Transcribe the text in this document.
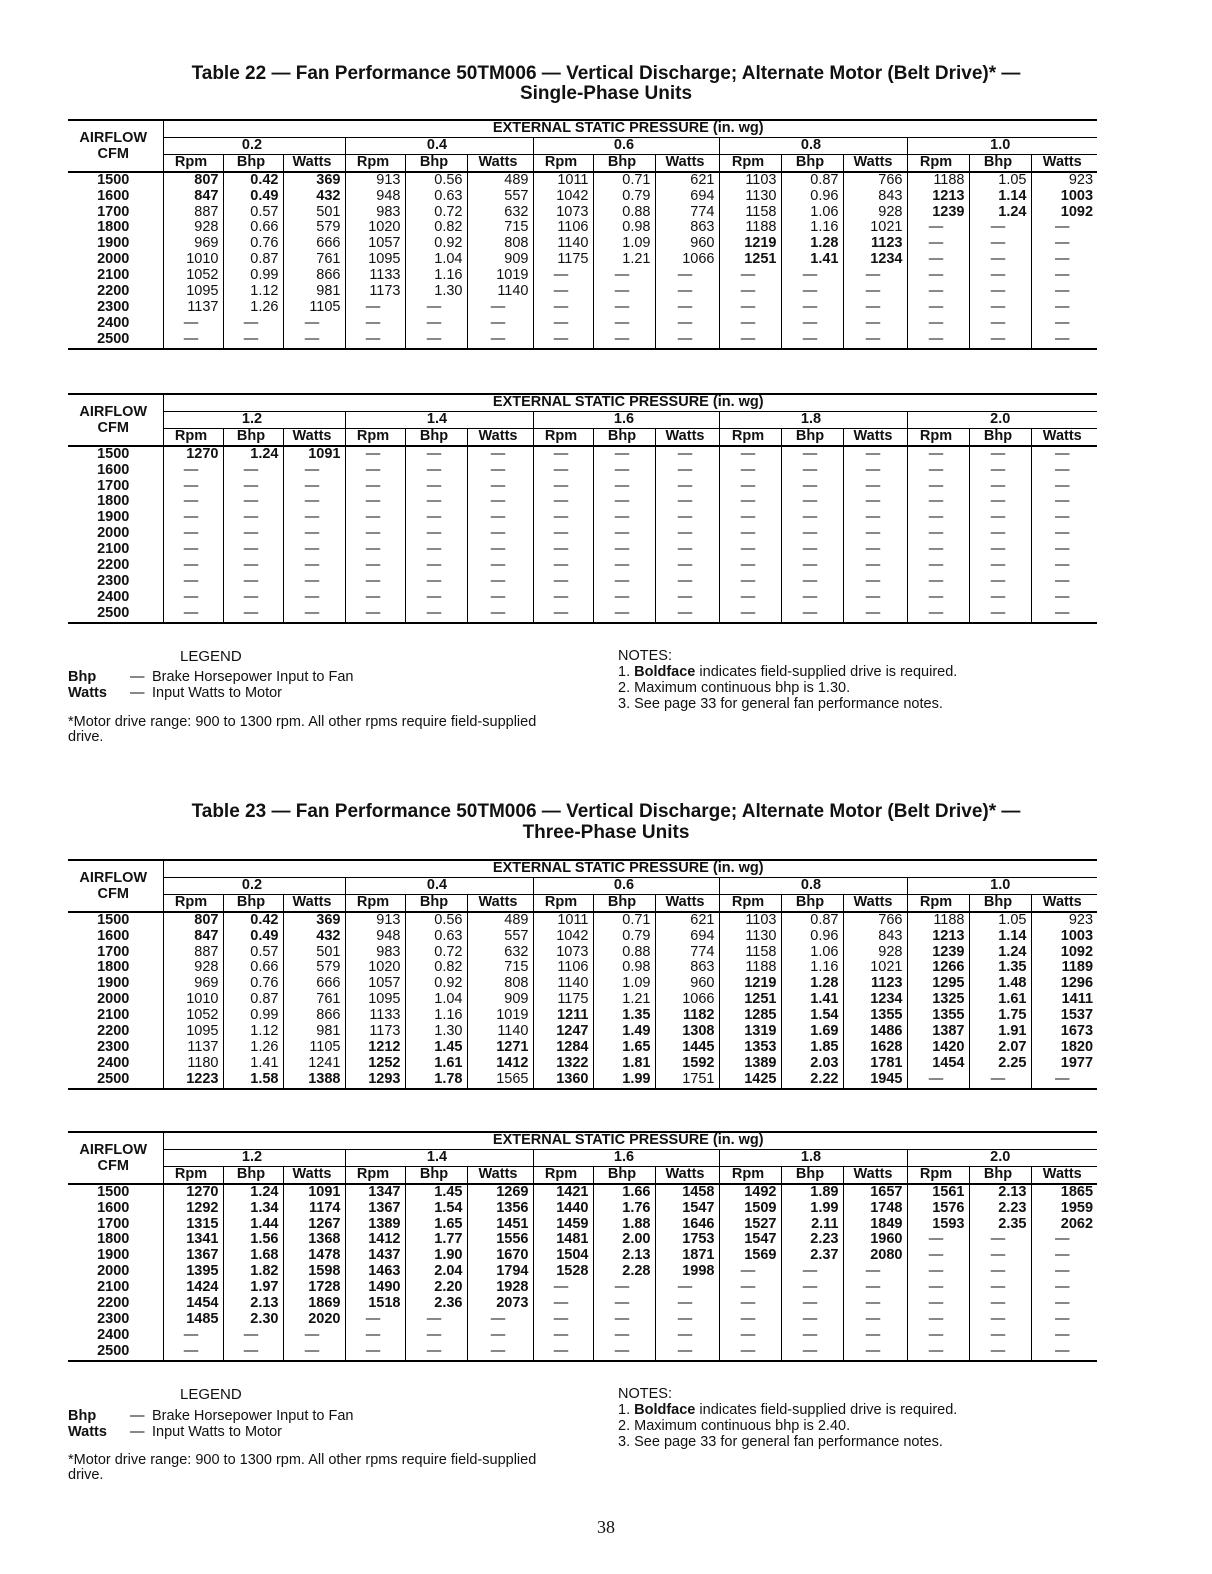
Table 22 — Fan Performance 50TM006 — Vertical Discharge; Alternate Motor (Belt Drive)* —
Single-Phase Units
AIRFLOW CFM	EXTERNAL STATIC PRESSURE (in. wg)														
	0.2			0.4			0.6			0.8			1.0		
	Rpm	Bhp	Watts	Rpm	Bhp	Watts	Rpm	Bhp	Watts	Rpm	Bhp	Watts	Rpm	Bhp	Watts
1500	807	0.42	369	913	0.56	489	1011	0.71	621	1103	0.87	766	1188	1.05	923
1600	847	0.49	432	948	0.63	557	1042	0.79	694	1130	0.96	843	1213	1.14	1003
1700	887	0.57	501	983	0.72	632	1073	0.88	774	1158	1.06	928	1239	1.24	1092
1800	928	0.66	579	1020	0.82	715	1106	0.98	863	1188	1.16	1021	—	—	—
1900	969	0.76	666	1057	0.92	808	1140	1.09	960	1219	1.28	1123	—	—	—
2000	1010	0.87	761	1095	1.04	909	1175	1.21	1066	1251	1.41	1234	—	—	—
2100	1052	0.99	866	1133	1.16	1019	—	—	—	—	—	—	—	—	—
2200	1095	1.12	981	1173	1.30	1140	—	—	—	—	—	—	—	—	—
2300	1137	1.26	1105	—	—	—	—	—	—	—	—	—	—	—	—
2400	—	—	—	—	—	—	—	—	—	—	—	—	—	—	—
2500	—	—	—	—	—	—	—	—	—	—	—	—	—	—	—
AIRFLOW CFM	EXTERNAL STATIC PRESSURE (in. wg)														
	1.2			1.4			1.6			1.8			2.0		
	Rpm	Bhp	Watts	Rpm	Bhp	Watts	Rpm	Bhp	Watts	Rpm	Bhp	Watts	Rpm	Bhp	Watts
1500	1270	1.24	1091	—	—	—	—	—	—	—	—	—	—	—	—
1600	—	—	—	—	—	—	—	—	—	—	—	—	—	—	—
1700	—	—	—	—	—	—	—	—	—	—	—	—	—	—	—
1800	—	—	—	—	—	—	—	—	—	—	—	—	—	—	—
1900	—	—	—	—	—	—	—	—	—	—	—	—	—	—	—
2000	—	—	—	—	—	—	—	—	—	—	—	—	—	—	—
2100	—	—	—	—	—	—	—	—	—	—	—	—	—	—	—
2200	—	—	—	—	—	—	—	—	—	—	—	—	—	—	—
2300	—	—	—	—	—	—	—	—	—	—	—	—	—	—	—
2400	—	—	—	—	—	—	—	—	—	—	—	—	—	—	—
2500	—	—	—	—	—	—	—	—	—	—	—	—	—	—	—
LEGEND
Bhp — Brake Horsepower Input to Fan
Watts — Input Watts to Motor
*Motor drive range: 900 to 1300 rpm. All other rpms require field-supplied drive.
NOTES:
1. Boldface indicates field-supplied drive is required.
2. Maximum continuous bhp is 1.30.
3. See page 33 for general fan performance notes.
Table 23 — Fan Performance 50TM006 — Vertical Discharge; Alternate Motor (Belt Drive)* —
Three-Phase Units
AIRFLOW CFM	EXTERNAL STATIC PRESSURE (in. wg)														
	0.2			0.4			0.6			0.8			1.0		
	Rpm	Bhp	Watts	Rpm	Bhp	Watts	Rpm	Bhp	Watts	Rpm	Bhp	Watts	Rpm	Bhp	Watts
1500	807	0.42	369	913	0.56	489	1011	0.71	621	1103	0.87	766	1188	1.05	923
1600	847	0.49	432	948	0.63	557	1042	0.79	694	1130	0.96	843	1213	1.14	1003
1700	887	0.57	501	983	0.72	632	1073	0.88	774	1158	1.06	928	1239	1.24	1092
1800	928	0.66	579	1020	0.82	715	1106	0.98	863	1188	1.16	1021	1266	1.35	1189
1900	969	0.76	666	1057	0.92	808	1140	1.09	960	1219	1.28	1123	1295	1.48	1296
2000	1010	0.87	761	1095	1.04	909	1175	1.21	1066	1251	1.41	1234	1325	1.61	1411
2100	1052	0.99	866	1133	1.16	1019	1211	1.35	1182	1285	1.54	1355	1355	1.75	1537
2200	1095	1.12	981	1173	1.30	1140	1247	1.49	1308	1319	1.69	1486	1387	1.91	1673
2300	1137	1.26	1105	1212	1.45	1271	1284	1.65	1445	1353	1.85	1628	1420	2.07	1820
2400	1180	1.41	1241	1252	1.61	1412	1322	1.81	1592	1389	2.03	1781	1454	2.25	1977
2500	1223	1.58	1388	1293	1.78	1565	1360	1.99	1751	1425	2.22	1945	—	—	—
AIRFLOW CFM	EXTERNAL STATIC PRESSURE (in. wg)														
	1.2			1.4			1.6			1.8			2.0		
	Rpm	Bhp	Watts	Rpm	Bhp	Watts	Rpm	Bhp	Watts	Rpm	Bhp	Watts	Rpm	Bhp	Watts
1500	1270	1.24	1091	1347	1.45	1269	1421	1.66	1458	1492	1.89	1657	1561	2.13	1865
1600	1292	1.34	1174	1367	1.54	1356	1440	1.76	1547	1509	1.99	1748	1576	2.23	1959
1700	1315	1.44	1267	1389	1.65	1451	1459	1.88	1646	1527	2.11	1849	1593	2.35	2062
1800	1341	1.56	1368	1412	1.77	1556	1481	2.00	1753	1547	2.23	1960	—	—	—
1900	1367	1.68	1478	1437	1.90	1670	1504	2.13	1871	1569	2.37	2080	—	—	—
2000	1395	1.82	1598	1463	2.04	1794	1528	2.28	1998	—	—	—	—	—	—
2100	1424	1.97	1728	1490	2.20	1928	—	—	—	—	—	—	—	—	—
2200	1454	2.13	1869	1518	2.36	2073	—	—	—	—	—	—	—	—	—
2300	1485	2.30	2020	—	—	—	—	—	—	—	—	—	—	—	—
2400	—	—	—	—	—	—	—	—	—	—	—	—	—	—	—
2500	—	—	—	—	—	—	—	—	—	—	—	—	—	—	—
LEGEND
Bhp — Brake Horsepower Input to Fan
Watts — Input Watts to Motor
*Motor drive range: 900 to 1300 rpm. All other rpms require field-supplied drive.
NOTES:
1. Boldface indicates field-supplied drive is required.
2. Maximum continuous bhp is 2.40.
3. See page 33 for general fan performance notes.
38
